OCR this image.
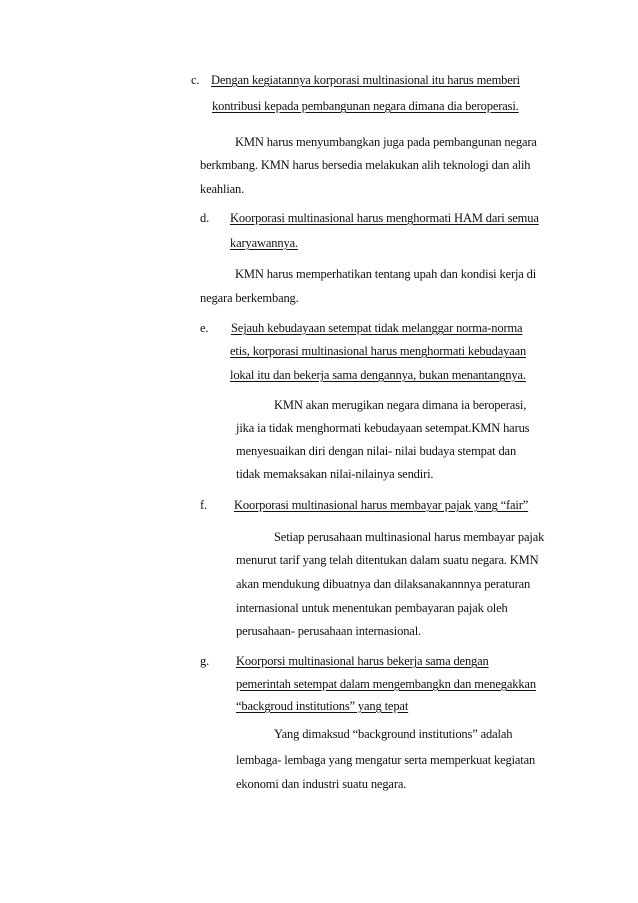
c. Dengan kegiatannya korporasi multinasional itu harus memberi
kontribusi kepada pembangunan negara dimana dia beroperasi.
KMN harus menyumbangkan juga pada pembangunan negara
berkmbang. KMN harus bersedia melakukan alih teknologi dan alih
keahlian.
d. Koorporasi multinasional harus menghormati HAM dari semua
karyawannya.
KMN harus memperhatikan tentang upah dan kondisi kerja di
negara berkembang.
e. Sejauh kebudayaan setempat tidak melanggar norma-norma
etis, korporasi multinasional harus menghormati kebudayaan
lokal itu dan bekerja sama dengannya, bukan menantangnya.
KMN akan merugikan negara dimana ia beroperasi,
jika ia tidak menghormati kebudayaan setempat.KMN harus
menyesuaikan diri dengan nilai- nilai budaya stempat dan
tidak memaksakan nilai-nilainya sendiri.
f. Koorporasi multinasional harus membayar pajak yang “fair”
Setiap perusahaan multinasional harus membayar pajak
menurut tarif yang telah ditentukan dalam suatu negara. KMN
akan mendukung dibuatnya dan dilaksanakannnya peraturan
internasional untuk menentukan pembayaran pajak oleh
perusahaan- perusahaan internasional.
g. Koorporsi multinasional harus bekerja sama dengan
pemerintah setempat dalam mengembangkn dan menegakkan
“backgroud institutions” yang tepat
Yang dimaksud “background institutions” adalah
lembaga- lembaga yang mengatur serta memperkuat kegiatan
ekonomi dan industri suatu negara.
